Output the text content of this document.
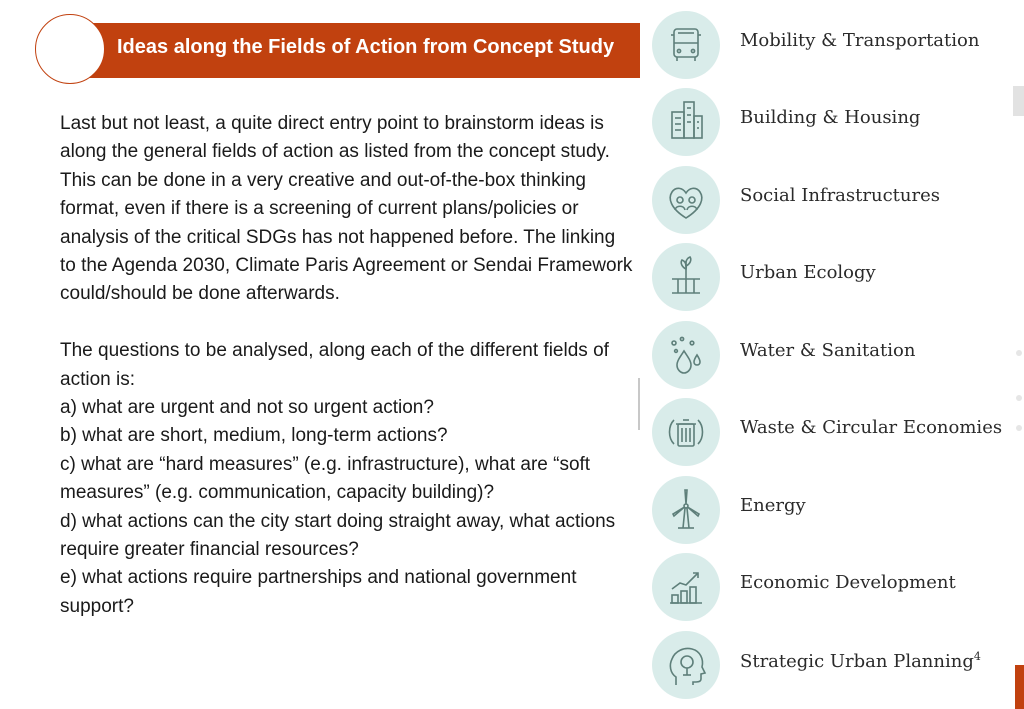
Ideas along the Fields of Action from Concept Study

Last but not least, a quite direct entry point to brainstorm ideas is along the general fields of action as listed from the concept study. This can be done in a very creative and out-of-the-box thinking format, even if there is a screening of current plans/policies or analysis of the critical SDGs has not happened before. The linking to the Agenda 2030, Climate Paris Agreement or Sendai Framework could/should be done afterwards.

The questions to be analysed, along each of the different fields of action is:

a) what are urgent and not so urgent action?

b) what are short, medium, long-term actions?

c) what are “hard measures” (e.g. infrastructure), what are “soft measures” (e.g. communication, capacity building)?

d) what actions can the city start doing straight away, what actions require greater financial resources?

e) what actions require partnerships and national government support?

Mobility & Transportation
Building & Housing
Social Infrastructures
Urban Ecology
Water & Sanitation
Waste & Circular Economies
Energy
Economic Development
Strategic Urban Planning$^4$
